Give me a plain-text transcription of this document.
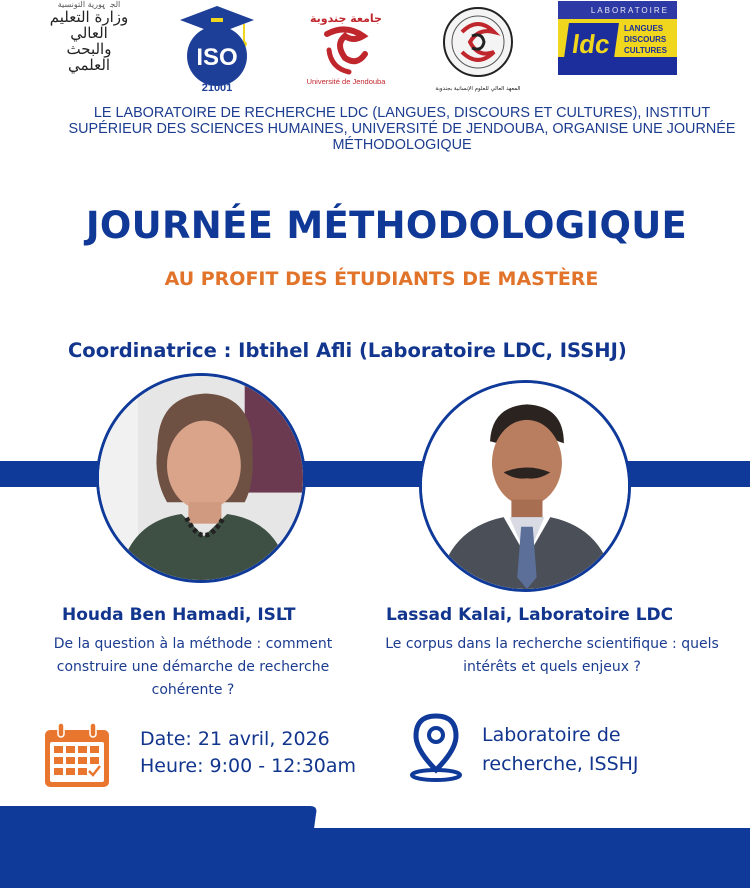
الجمهورية التونسية
وزارة التعليم العالي
والبحث العلمي	ISO
21001
جامعة جندوبة
Université de Jendouba
المعهد العالي للعلوم الإنسانية بجندوبة
LABORATOIRE
ldc	LANGUES
DISCOURS
CULTURES
LE LABORATOIRE DE RECHERCHE LDC (LANGUES, DISCOURS ET CULTURES), INSTITUT SUPÉRIEUR DES SCIENCES HUMAINES, UNIVERSITÉ DE JENDOUBA, ORGANISE UNE JOURNÉE MÉTHODOLOGIQUE
JOURNÉE MÉTHODOLOGIQUE
AU PROFIT DES ÉTUDIANTS DE MASTÈRE
Coordinatrice : Ibtihel Afli (Laboratoire LDC, ISSHJ)
Houda Ben Hamadi, ISLT	Lassad Kalai, Laboratoire LDC
De la question à la méthode : comment construire une démarche de recherche cohérente ?
Le corpus dans la recherche scientifique : quels intérêts et quels enjeux ?
Date: 21 avril, 2026
Heure: 9:00 - 12:30am
Laboratoire de recherche, ISSHJ
